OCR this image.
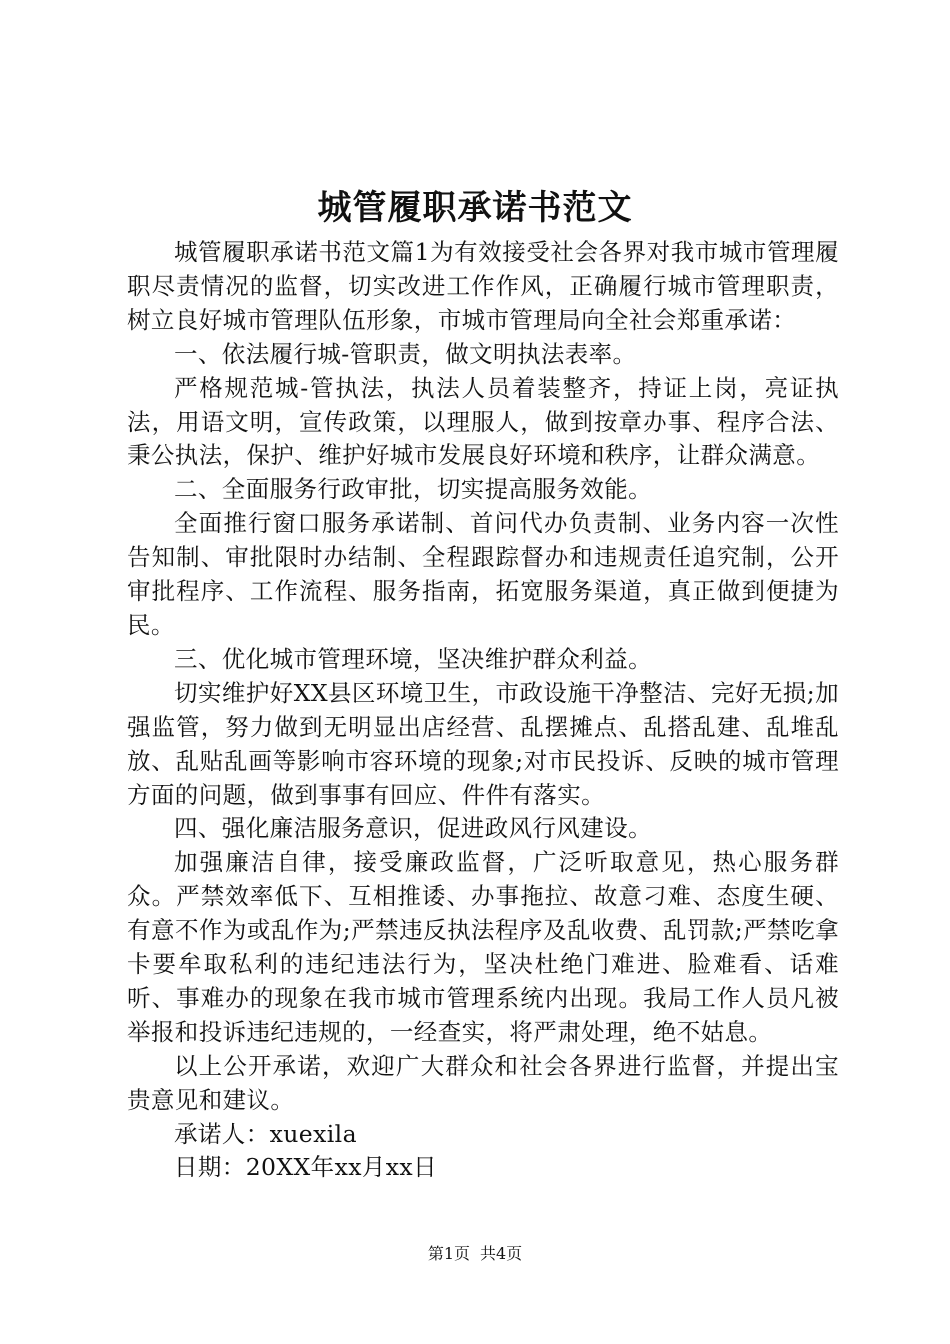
城管履职承诺书范文

城管履职承诺书范文篇1为有效接受社会各界对我市城市管理履职尽责情况的监督，切实改进工作作风，正确履行城市管理职责，树立良好城市管理队伍形象，市城市管理局向全社会郑重承诺：

一、依法履行城-管职责，做文明执法表率。

严格规范城-管执法，执法人员着装整齐，持证上岗，亮证执法，用语文明，宣传政策，以理服人，做到按章办事、程序合法、秉公执法，保护、维护好城市发展良好环境和秩序，让群众满意。

二、全面服务行政审批，切实提高服务效能。

全面推行窗口服务承诺制、首问代办负责制、业务内容一次性告知制、审批限时办结制、全程跟踪督办和违规责任追究制，公开审批程序、工作流程、服务指南，拓宽服务渠道，真正做到便捷为民。

三、优化城市管理环境，坚决维护群众利益。

切实维护好XX县区环境卫生，市政设施干净整洁、完好无损;加强监管，努力做到无明显出店经营、乱摆摊点、乱搭乱建、乱堆乱放、乱贴乱画等影响市容环境的现象;对市民投诉、反映的城市管理方面的问题，做到事事有回应、件件有落实。

四、强化廉洁服务意识，促进政风行风建设。

加强廉洁自律，接受廉政监督，广泛听取意见，热心服务群众。严禁效率低下、互相推诿、办事拖拉、故意刁难、态度生硬、有意不作为或乱作为;严禁违反执法程序及乱收费、乱罚款;严禁吃拿卡要牟取私利的违纪违法行为，坚决杜绝门难进、脸难看、话难听、事难办的现象在我市城市管理系统内出现。我局工作人员凡被举报和投诉违纪违规的，一经查实，将严肃处理，绝不姑息。

以上公开承诺，欢迎广大群众和社会各界进行监督，并提出宝贵意见和建议。

承诺人：xuexila

日期：20XX年xx月xx日

第1页 共4页
